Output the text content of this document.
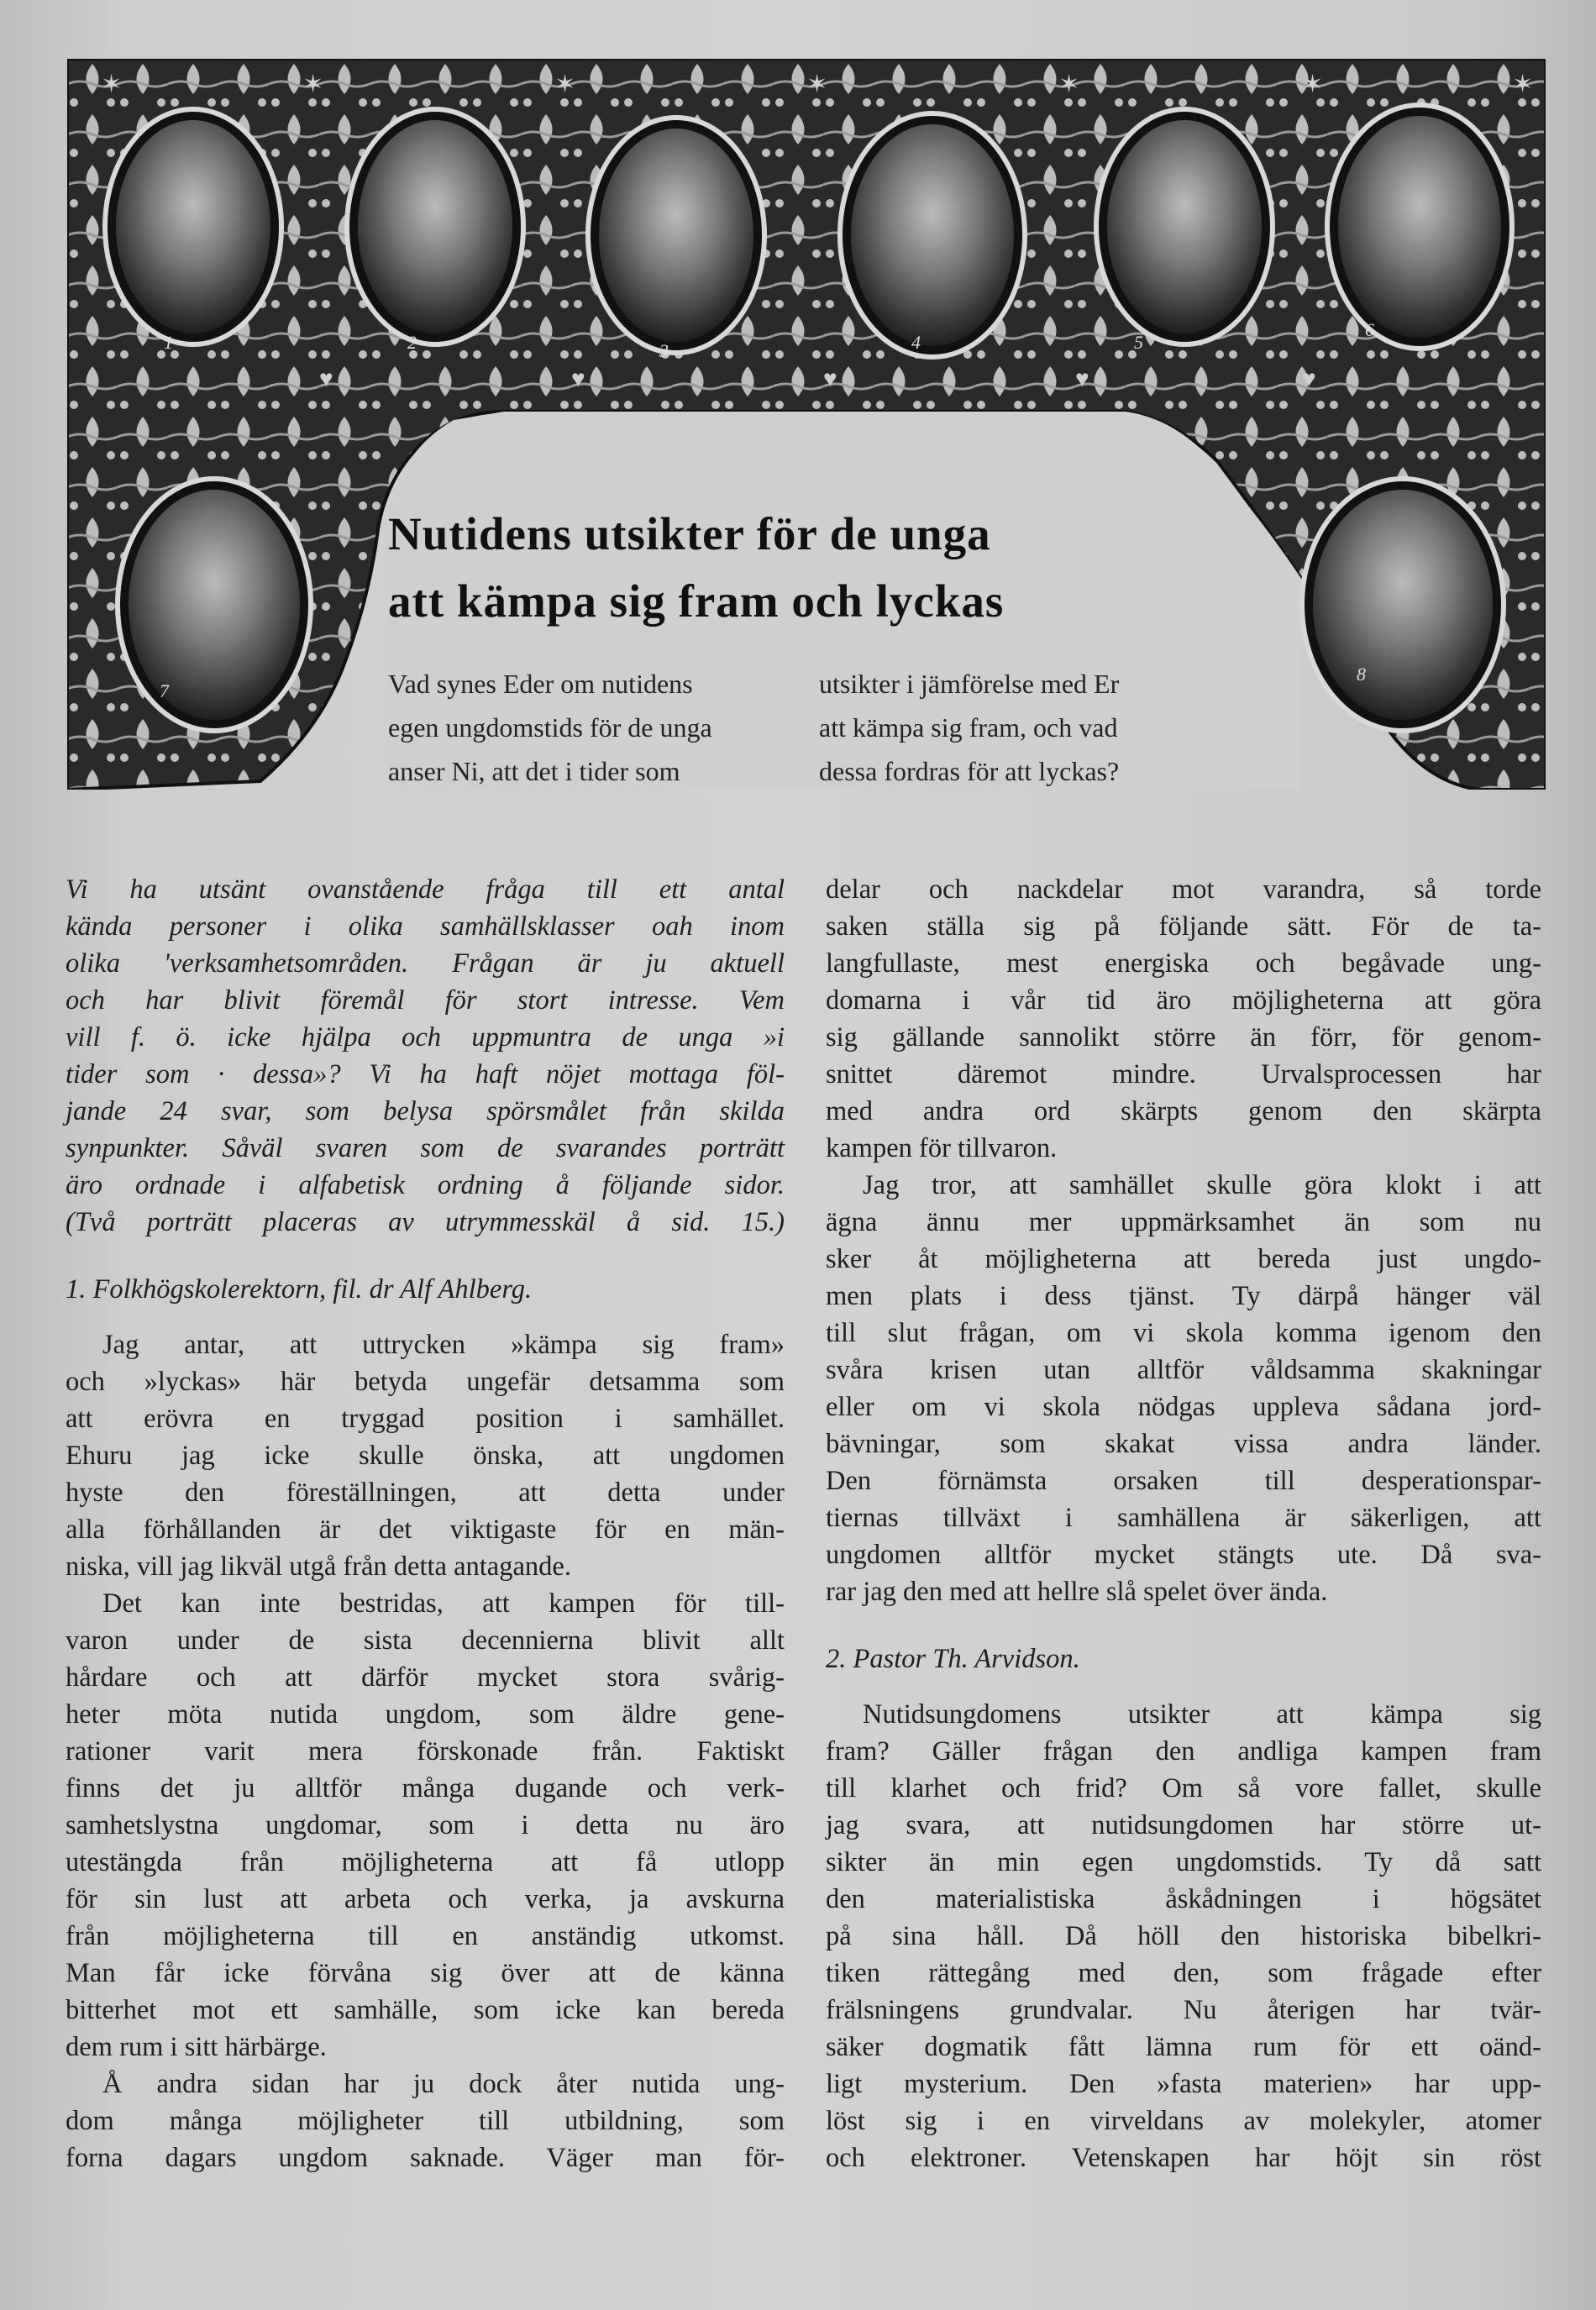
1	2	3	4	5
6
7
8
✶	✶	✶	✶	✶	✶	✶
♥	♥	♥	♥	♥
Nutidens utsikter för de unga
att kämpa sig fram och lyckas
Vad synes Eder om nutidens
egen ungdomstids för de unga
anser Ni, att det i tider som
utsikter i jämförelse med Er
att kämpa sig fram, och vad
dessa fordras för att lyckas?
Vi ha utsänt ovanstående fråga till ett antal
kända personer i olika samhällsklasser oah inom
olika 'verksamhetsområden. Frågan är ju aktuell
och har blivit föremål för stort intresse. Vem
vill f. ö. icke hjälpa och uppmuntra de unga »i
tider som · dessa»? Vi ha haft nöjet mottaga föl-
jande 24 svar, som belysa spörsmålet från skilda
synpunkter. Såväl svaren som de svarandes porträtt
äro ordnade i alfabetisk ordning å följande sidor.
(Två porträtt placeras av utrymmesskäl å sid. 15.)
1. Folkhögskolerektorn, fil. dr Alf Ahlberg.
Jag antar, att uttrycken »kämpa sig fram»
och »lyckas» här betyda ungefär detsamma som
att erövra en tryggad position i samhället.
Ehuru jag icke skulle önska, att ungdomen
hyste den föreställningen, att detta under
alla förhållanden är det viktigaste för en män-
niska, vill jag likväl utgå från detta antagande.
Det kan inte bestridas, att kampen för till-
varon under de sista decennierna blivit allt
hårdare och att därför mycket stora svårig-
heter möta nutida ungdom, som äldre gene-
rationer varit mera förskonade från. Faktiskt
finns det ju alltför många dugande och verk-
samhetslystna ungdomar, som i detta nu äro
utestängda från möjligheterna att få utlopp
för sin lust att arbeta och verka, ja avskurna
från möjligheterna till en anständig utkomst.
Man får icke förvåna sig över att de känna
bitterhet mot ett samhälle, som icke kan bereda
dem rum i sitt härbärge.
Å andra sidan har ju dock åter nutida ung-
dom många möjligheter till utbildning, som
forna dagars ungdom saknade. Väger man för-
delar och nackdelar mot varandra, så torde
saken ställa sig på följande sätt. För de ta-
langfullaste, mest energiska och begåvade ung-
domarna i vår tid äro möjligheterna att göra
sig gällande sannolikt större än förr, för genom-
snittet däremot mindre. Urvalsprocessen har
med andra ord skärpts genom den skärpta
kampen för tillvaron.
Jag tror, att samhället skulle göra klokt i att
ägna ännu mer uppmärksamhet än som nu
sker åt möjligheterna att bereda just ungdo-
men plats i dess tjänst. Ty därpå hänger väl
till slut frågan, om vi skola komma igenom den
svåra krisen utan alltför våldsamma skakningar
eller om vi skola nödgas uppleva sådana jord-
bävningar, som skakat vissa andra länder.
Den förnämsta orsaken till desperationspar-
tiernas tillväxt i samhällena är säkerligen, att
ungdomen alltför mycket stängts ute. Då sva-
rar jag den med att hellre slå spelet över ända.
2. Pastor Th. Arvidson.
Nutidsungdomens utsikter att kämpa sig
fram? Gäller frågan den andliga kampen fram
till klarhet och frid? Om så vore fallet, skulle
jag svara, att nutidsungdomen har större ut-
sikter än min egen ungdomstids. Ty då satt
den materialistiska åskådningen i högsätet
på sina håll. Då höll den historiska bibelkri-
tiken rättegång med den, som frågade efter
frälsningens grundvalar. Nu återigen har tvär-
säker dogmatik fått lämna rum för ett oänd-
ligt mysterium. Den »fasta materien» har upp-
löst sig i en virveldans av molekyler, atomer
och elektroner. Vetenskapen har höjt sin röst
